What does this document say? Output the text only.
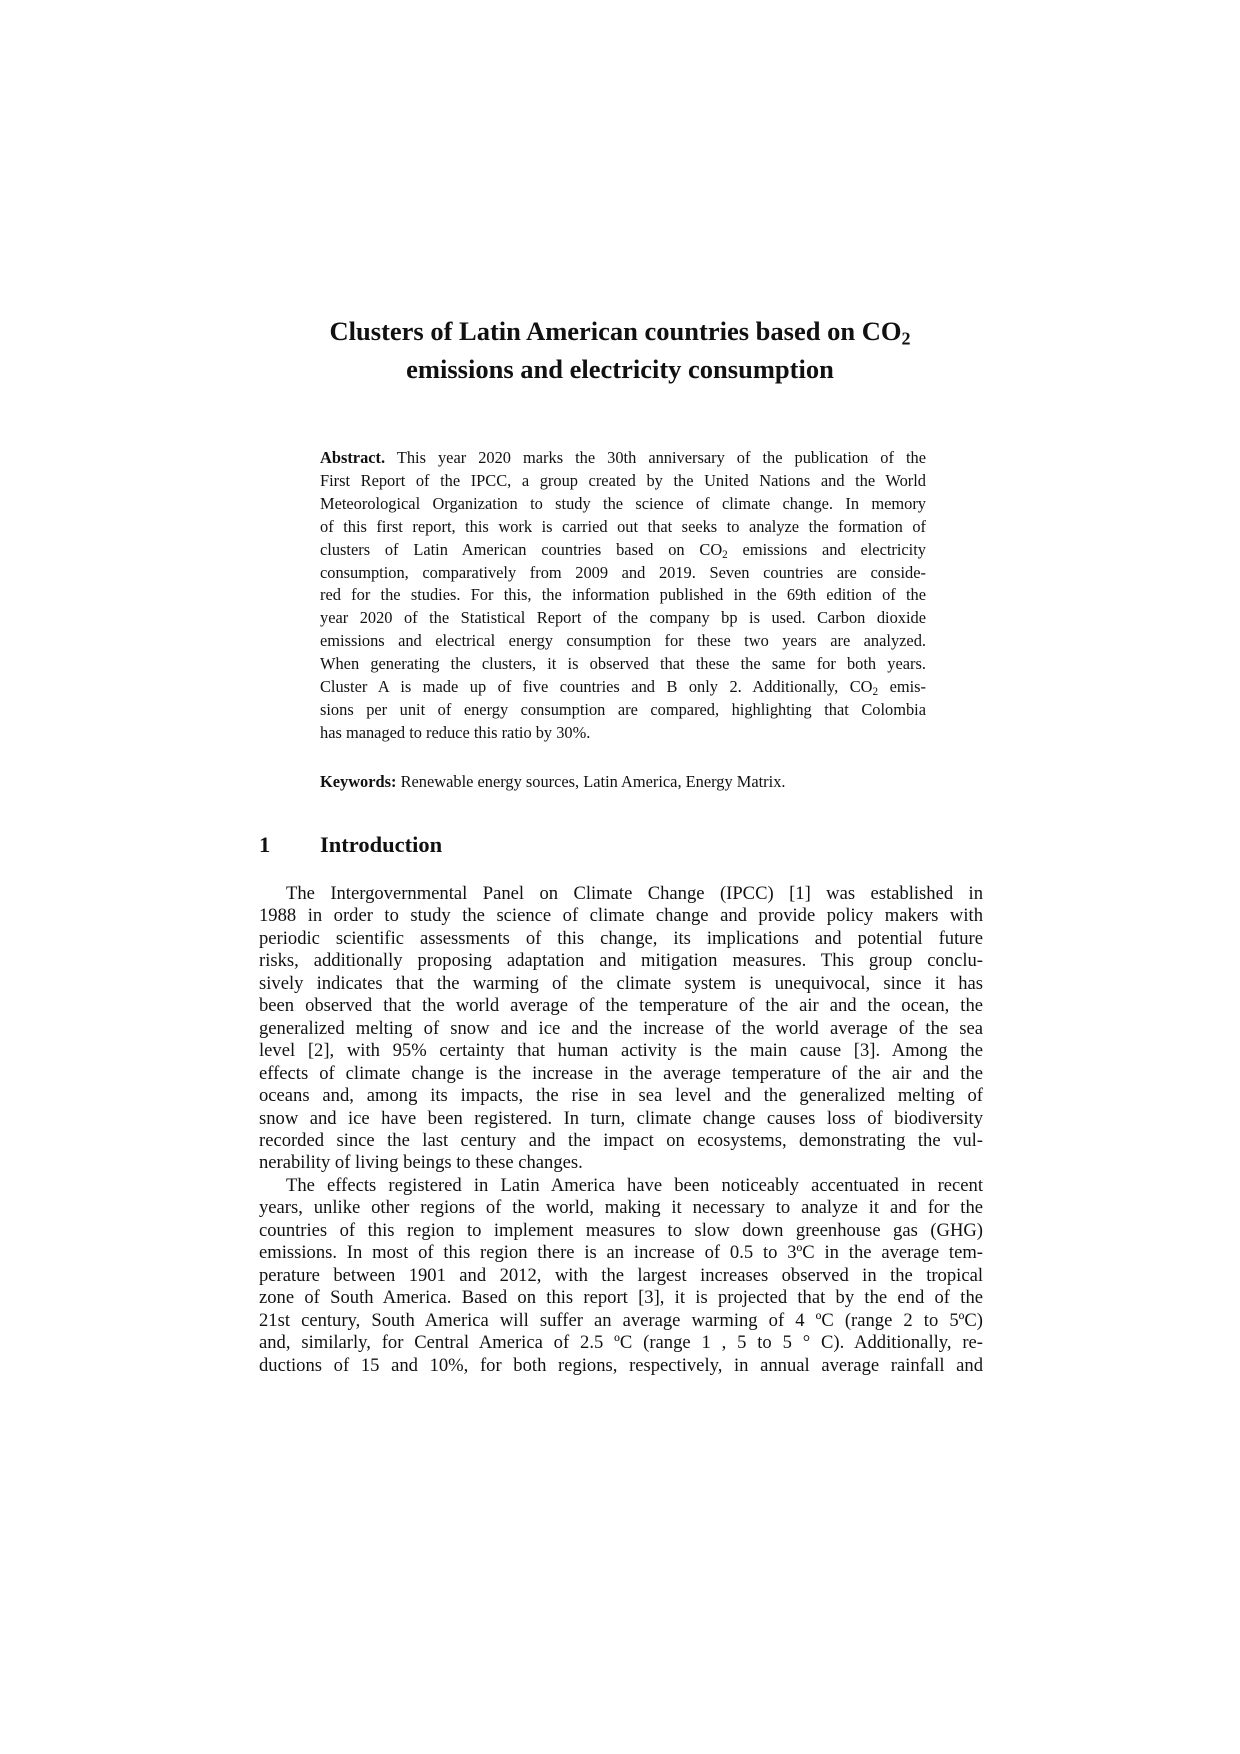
Clusters of Latin American countries based on $CO_2$
emissions and electricity consumption
Abstract. This year 2020 marks the 30th anniversary of the publication of the
First Report of the IPCC, a group created by the United Nations and the World
Meteorological Organization to study the science of climate change. In memory
of this first report, this work is carried out that seeks to analyze the formation of
clusters of Latin American countries based on $CO_2$ emissions and electricity
consumption, comparatively from 2009 and 2019. Seven countries are conside-
red for the studies. For this, the information published in the 69th edition of the
year 2020 of the Statistical Report of the company bp is used. Carbon dioxide
emissions and electrical energy consumption for these two years are analyzed.
When generating the clusters, it is observed that these the same for both years.
Cluster A is made up of five countries and B only 2. Additionally, $CO_2$ emis-
sions per unit of energy consumption are compared, highlighting that Colombia
has managed to reduce this ratio by 30%.
Keywords: Renewable energy sources, Latin America, Energy Matrix.
1 Introduction
The Intergovernmental Panel on Climate Change (IPCC) [1] was established in
1988 in order to study the science of climate change and provide policy makers with
periodic scientific assessments of this change, its implications and potential future
risks, additionally proposing adaptation and mitigation measures. This group conclu-
sively indicates that the warming of the climate system is unequivocal, since it has
been observed that the world average of the temperature of the air and the ocean, the
generalized melting of snow and ice and the increase of the world average of the sea
level [2], with 95% certainty that human activity is the main cause [3]. Among the
effects of climate change is the increase in the average temperature of the air and the
oceans and, among its impacts, the rise in sea level and the generalized melting of
snow and ice have been registered. In turn, climate change causes loss of biodiversity
recorded since the last century and the impact on ecosystems, demonstrating the vul-
nerability of living beings to these changes.
The effects registered in Latin America have been noticeably accentuated in recent
years, unlike other regions of the world, making it necessary to analyze it and for the
countries of this region to implement measures to slow down greenhouse gas (GHG)
emissions. In most of this region there is an increase of 0.5 to 3ºC in the average tem-
perature between 1901 and 2012, with the largest increases observed in the tropical
zone of South America. Based on this report [3], it is projected that by the end of the
21st century, South America will suffer an average warming of 4 ºC (range 2 to 5ºC)
and, similarly, for Central America of 2.5 ºC (range 1 , 5 to 5 ° C). Additionally, re-
ductions of 15 and 10%, for both regions, respectively, in annual average rainfall and
